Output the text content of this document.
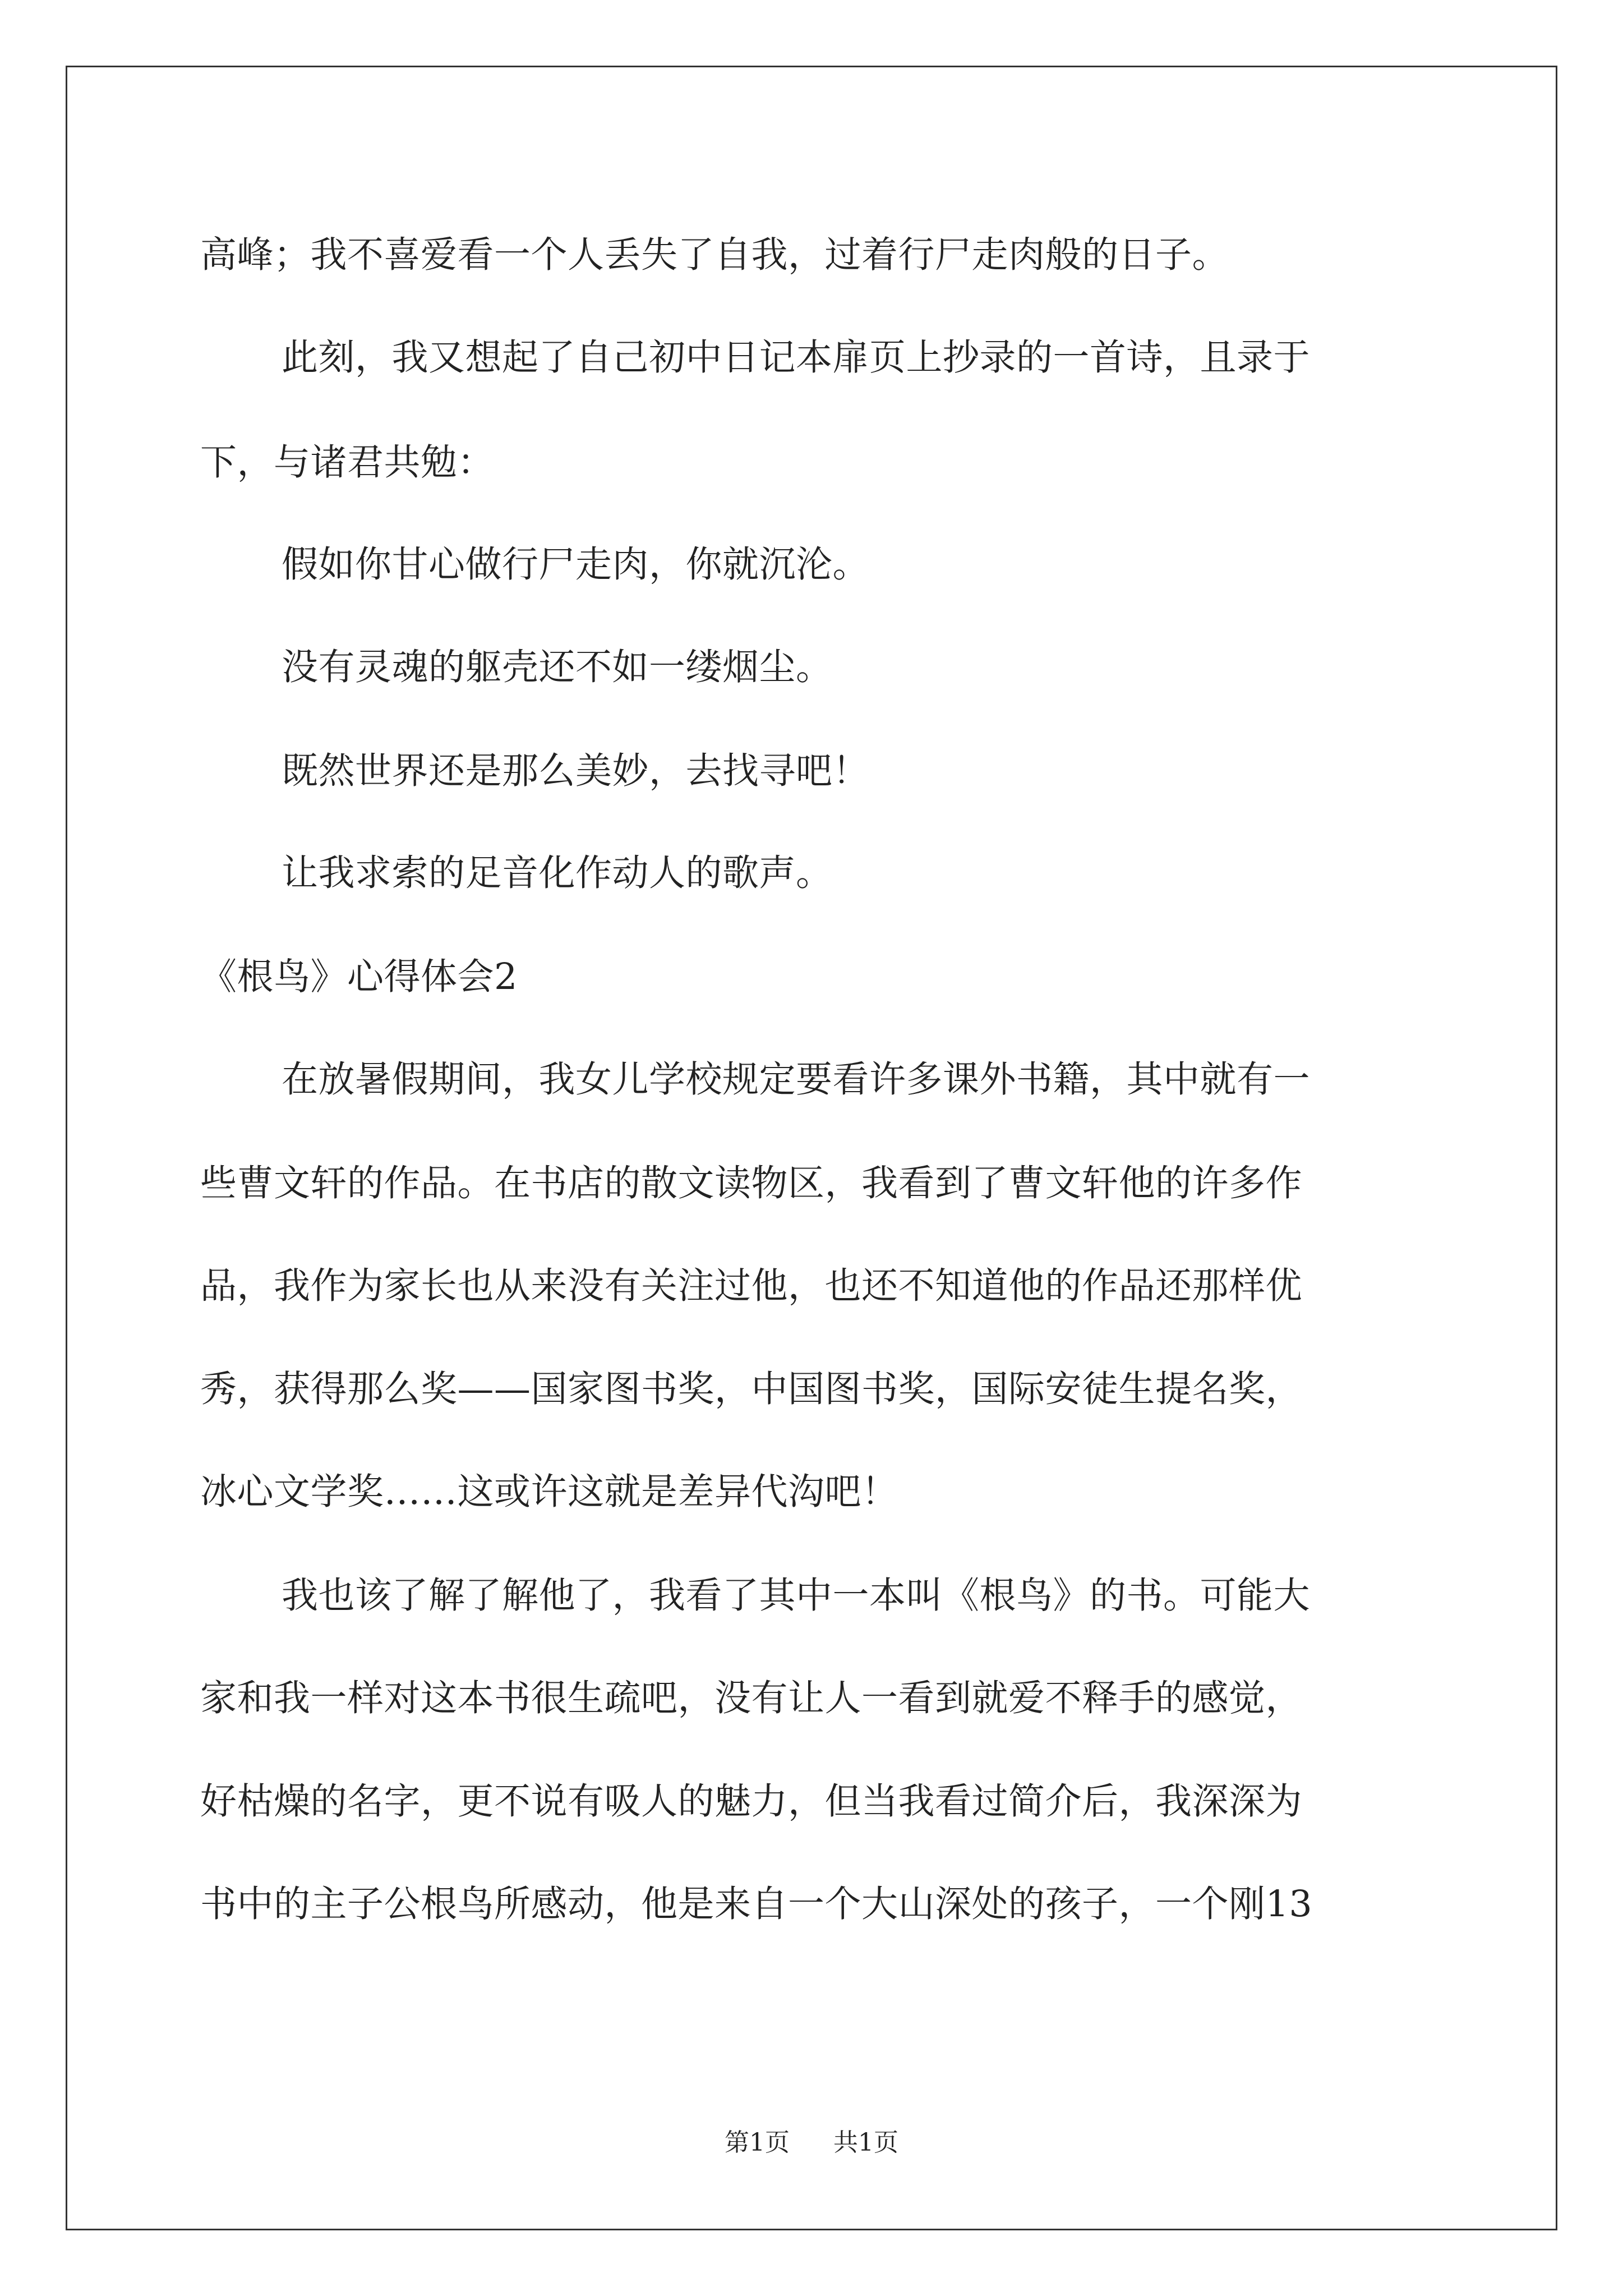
高峰；我不喜爱看一个人丢失了自我，过着行尸走肉般的日子。
此刻，我又想起了自己初中日记本扉页上抄录的一首诗，且录于
下，与诸君共勉：
假如你甘心做行尸走肉，你就沉沦。
没有灵魂的躯壳还不如一缕烟尘。
既然世界还是那么美妙，去找寻吧！
让我求索的足音化作动人的歌声。
《根鸟》心得体会2
在放暑假期间，我女儿学校规定要看许多课外书籍，其中就有一
些曹文轩的作品。在书店的散文读物区，我看到了曹文轩他的许多作
品，我作为家长也从来没有关注过他，也还不知道他的作品还那样优
秀，获得那么奖——国家图书奖，中国图书奖，国际安徒生提名奖，
冰心文学奖……这或许这就是差异代沟吧！
我也该了解了解他了，我看了其中一本叫《根鸟》的书。可能大
家和我一样对这本书很生疏吧，没有让人一看到就爱不释手的感觉，
好枯燥的名字，更不说有吸人的魅力，但当我看过简介后，我深深为
书中的主子公根鸟所感动，他是来自一个大山深处的孩子，一个刚13
第1页 共1页
